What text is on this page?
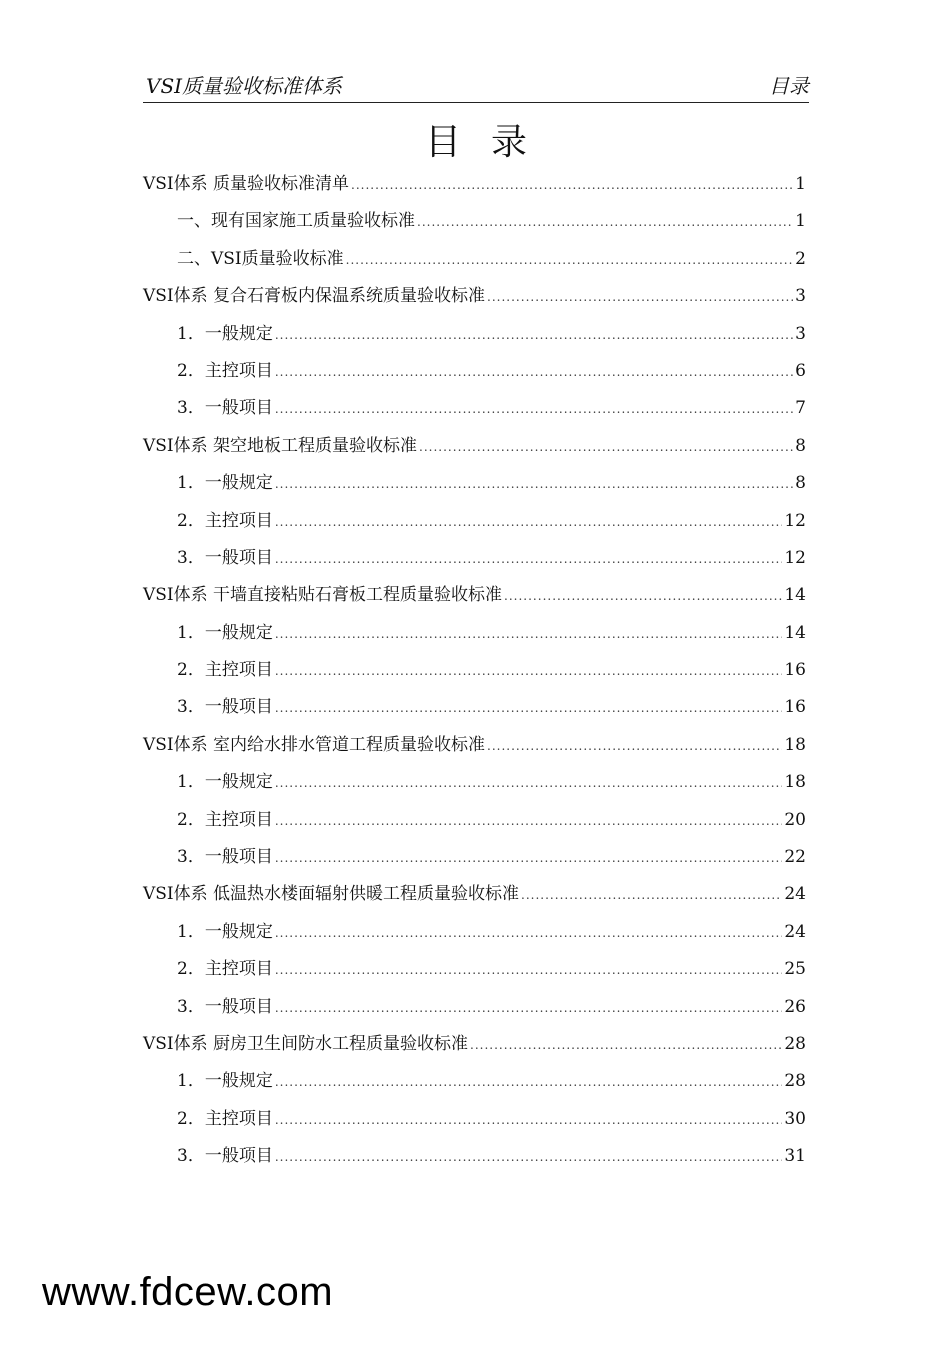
VSI质量验收标准体系	目录
目录
VSI体系 质量验收标准清单 .....	1
一、现有国家施工质量验收标准 .....	1
二、VSI质量验收标准 .....	2
VSI体系 复合石膏板内保温系统质量验收标准 .....	3
1．一般规定 .....	3
2．主控项目 .....	6
3．一般项目 .....	7
VSI体系 架空地板工程质量验收标准 .....	8
1．一般规定 .....	8
2．主控项目 .....	12
3．一般项目 .....	12
VSI体系 干墙直接粘贴石膏板工程质量验收标准 .....	14
1．一般规定 .....	14
2．主控项目 .....	16
3．一般项目 .....	16
VSI体系 室内给水排水管道工程质量验收标准 .....	18
1．一般规定 .....	18
2．主控项目 .....	20
3．一般项目 .....	22
VSI体系 低温热水楼面辐射供暖工程质量验收标准 .....	24
1．一般规定 .....	24
2．主控项目 .....	25
3．一般项目 .....	26
VSI体系 厨房卫生间防水工程质量验收标准 .....	28
1．一般规定 .....	28
2．主控项目 .....	30
3．一般项目 .....	31
www.fdcew.com
